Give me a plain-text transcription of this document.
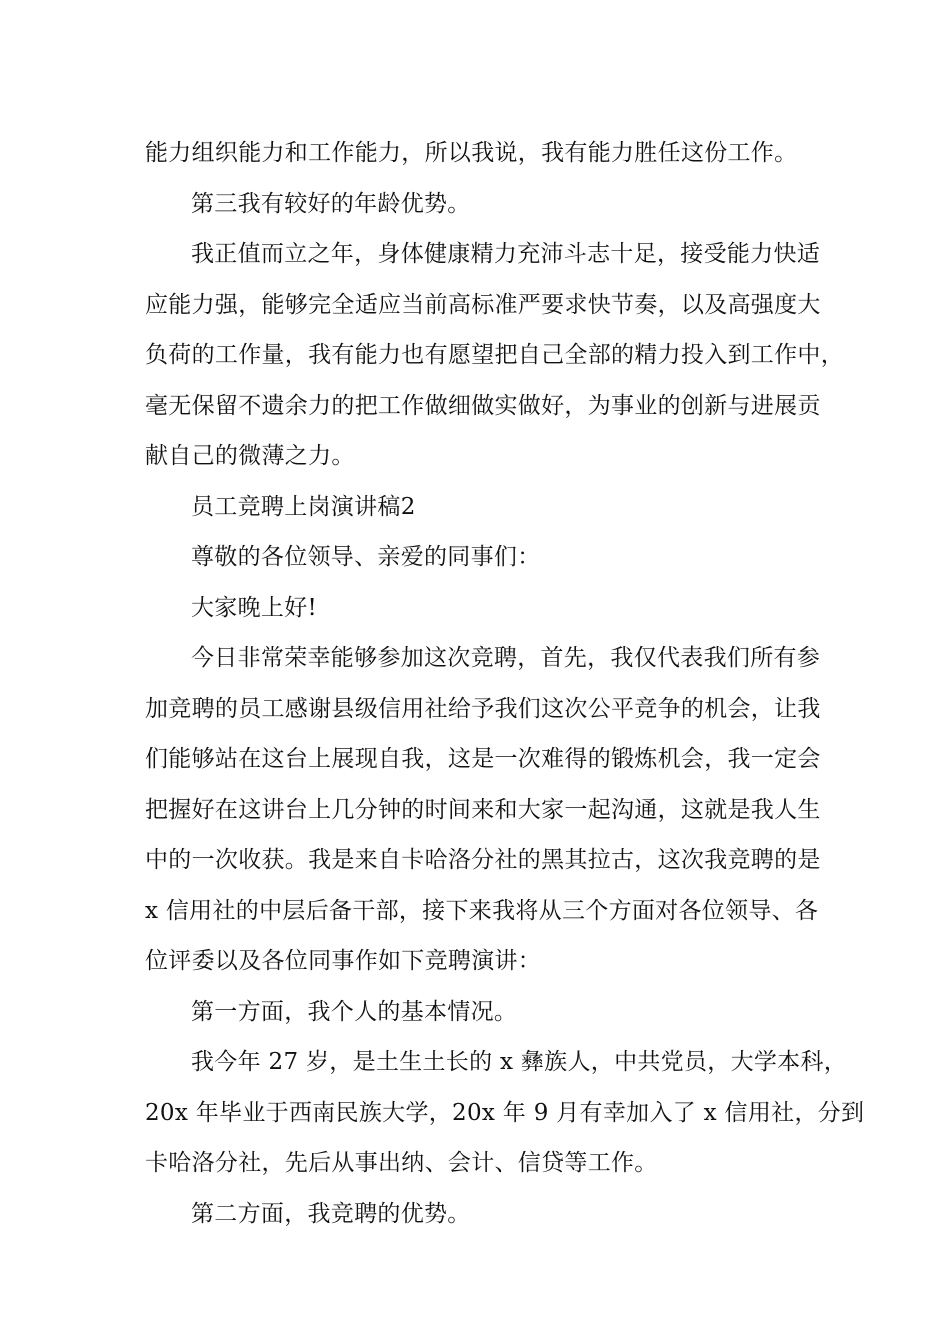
能力组织能力和工作能力，所以我说，我有能力胜任这份工作。

第三我有较好的年龄优势。

我正值而立之年，身体健康精力充沛斗志十足，接受能力快适
应能力强，能够完全适应当前高标准严要求快节奏，以及高强度大
负荷的工作量，我有能力也有愿望把自己全部的精力投入到工作中，
毫无保留不遗余力的把工作做细做实做好，为事业的创新与进展贡
献自己的微薄之力。

员工竞聘上岗演讲稿2

尊敬的各位领导、亲爱的同事们：

大家晚上好!

今日非常荣幸能够参加这次竞聘，首先，我仅代表我们所有参
加竞聘的员工感谢县级信用社给予我们这次公平竞争的机会，让我
们能够站在这台上展现自我，这是一次难得的锻炼机会，我一定会
把握好在这讲台上几分钟的时间来和大家一起沟通，这就是我人生
中的一次收获。我是来自卡哈洛分社的黑其拉古，这次我竞聘的是
x 信用社的中层后备干部，接下来我将从三个方面对各位领导、各
位评委以及各位同事作如下竞聘演讲：

第一方面，我个人的基本情况。

我今年 27 岁，是土生土长的 x 彝族人，中共党员，大学本科，
20x 年毕业于西南民族大学，20x 年 9 月有幸加入了 x 信用社，分到
卡哈洛分社，先后从事出纳、会计、信贷等工作。

第二方面，我竞聘的优势。
